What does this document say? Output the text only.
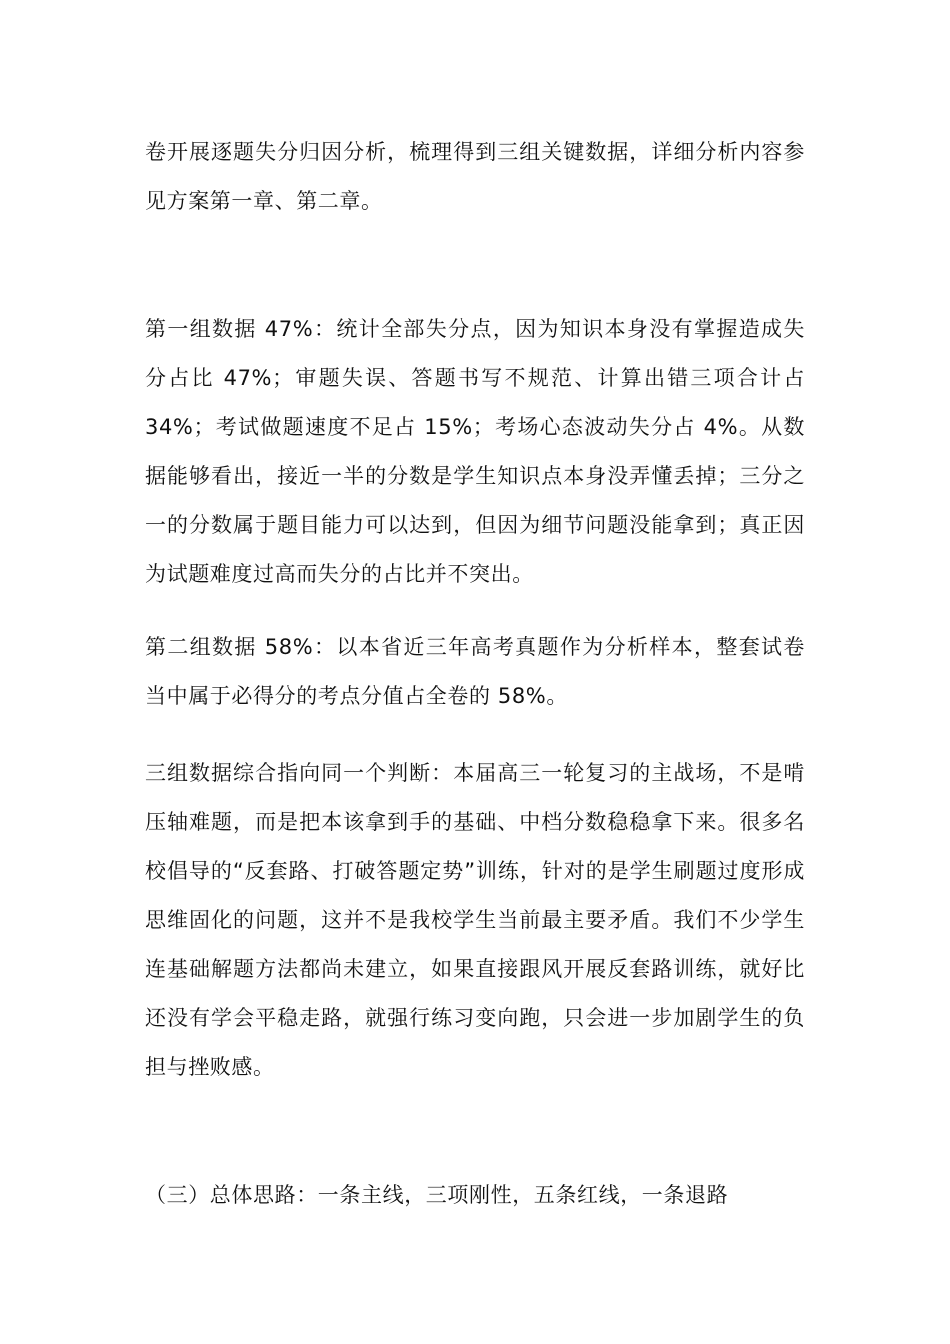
卷开展逐题失分归因分析，梳理得到三组关键数据，详细分析内容参见方案第一章、第二章。

第一组数据 47%：统计全部失分点，因为知识本身没有掌握造成失分占比 47%；审题失误、答题书写不规范、计算出错三项合计占 34%；考试做题速度不足占 15%；考场心态波动失分占 4%。从数据能够看出，接近一半的分数是学生知识点本身没弄懂丢掉；三分之一的分数属于题目能力可以达到，但因为细节问题没能拿到；真正因为试题难度过高而失分的占比并不突出。

第二组数据 58%：以本省近三年高考真题作为分析样本，整套试卷当中属于必得分的考点分值占全卷的 58%。

三组数据综合指向同一个判断：本届高三一轮复习的主战场，不是啃压轴难题，而是把本该拿到手的基础、中档分数稳稳拿下来。很多名校倡导的“反套路、打破答题定势”训练，针对的是学生刷题过度形成思维固化的问题，这并不是我校学生当前最主要矛盾。我们不少学生连基础解题方法都尚未建立，如果直接跟风开展反套路训练，就好比还没有学会平稳走路，就强行练习变向跑，只会进一步加剧学生的负担与挫败感。

（三）总体思路：一条主线，三项刚性，五条红线，一条退路
